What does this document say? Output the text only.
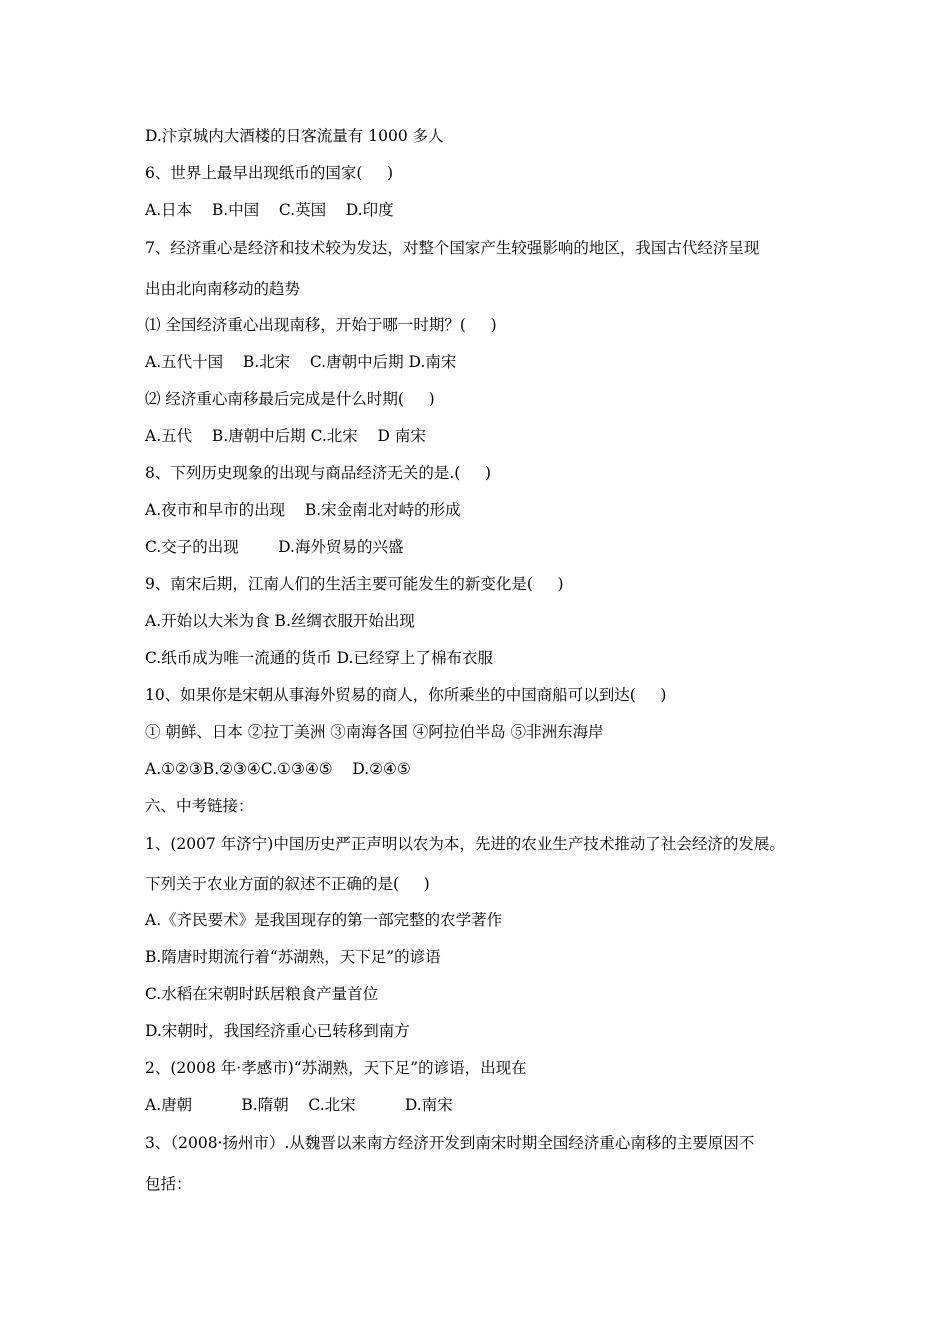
D.汴京城内大酒楼的日客流量有 1000 多人

6、世界上最早出现纸币的国家(     )

A.日本    B.中国    C.英国    D.印度

7、经济重心是经济和技术较为发达，对整个国家产生较强影响的地区，我国古代经济呈现

出由北向南移动的趋势

⑴ 全国经济重心出现南移，开始于哪一时期？(     )

A.五代十国    B.北宋    C.唐朝中后期 D.南宋

⑵ 经济重心南移最后完成是什么时期(     )

A.五代    B.唐朝中后期 C.北宋    D 南宋

8、下列历史现象的出现与商品经济无关的是.(     )

A.夜市和早市的出现    B.宋金南北对峙的形成

C.交子的出现        D.海外贸易的兴盛

9、南宋后期，江南人们的生活主要可能发生的新变化是(     )

A.开始以大米为食 B.丝绸衣服开始出现

C.纸币成为唯一流通的货币 D.已经穿上了棉布衣服

10、如果你是宋朝从事海外贸易的商人，你所乘坐的中国商船可以到达(     )

① 朝鲜、日本 ②拉丁美洲 ③南海各国 ④阿拉伯半岛 ⑤非洲东海岸

A.①②③B.②③④C.①③④⑤    D.②④⑤

六、中考链接：

1、(2007 年济宁)中国历史严正声明以农为本，先进的农业生产技术推动了社会经济的发展。

下列关于农业方面的叙述不正确的是(     )

A.《齐民要术》是我国现存的第一部完整的农学著作

B.隋唐时期流行着“苏湖熟，天下足”的谚语

C.水稻在宋朝时跃居粮食产量首位

D.宋朝时，我国经济重心已转移到南方

2、(2008 年·孝感市)“苏湖熟，天下足”的谚语，出现在

A.唐朝          B.隋朝    C.北宋          D.南宋

3、（2008·扬州市）.从魏晋以来南方经济开发到南宋时期全国经济重心南移的主要原因不

包括：
